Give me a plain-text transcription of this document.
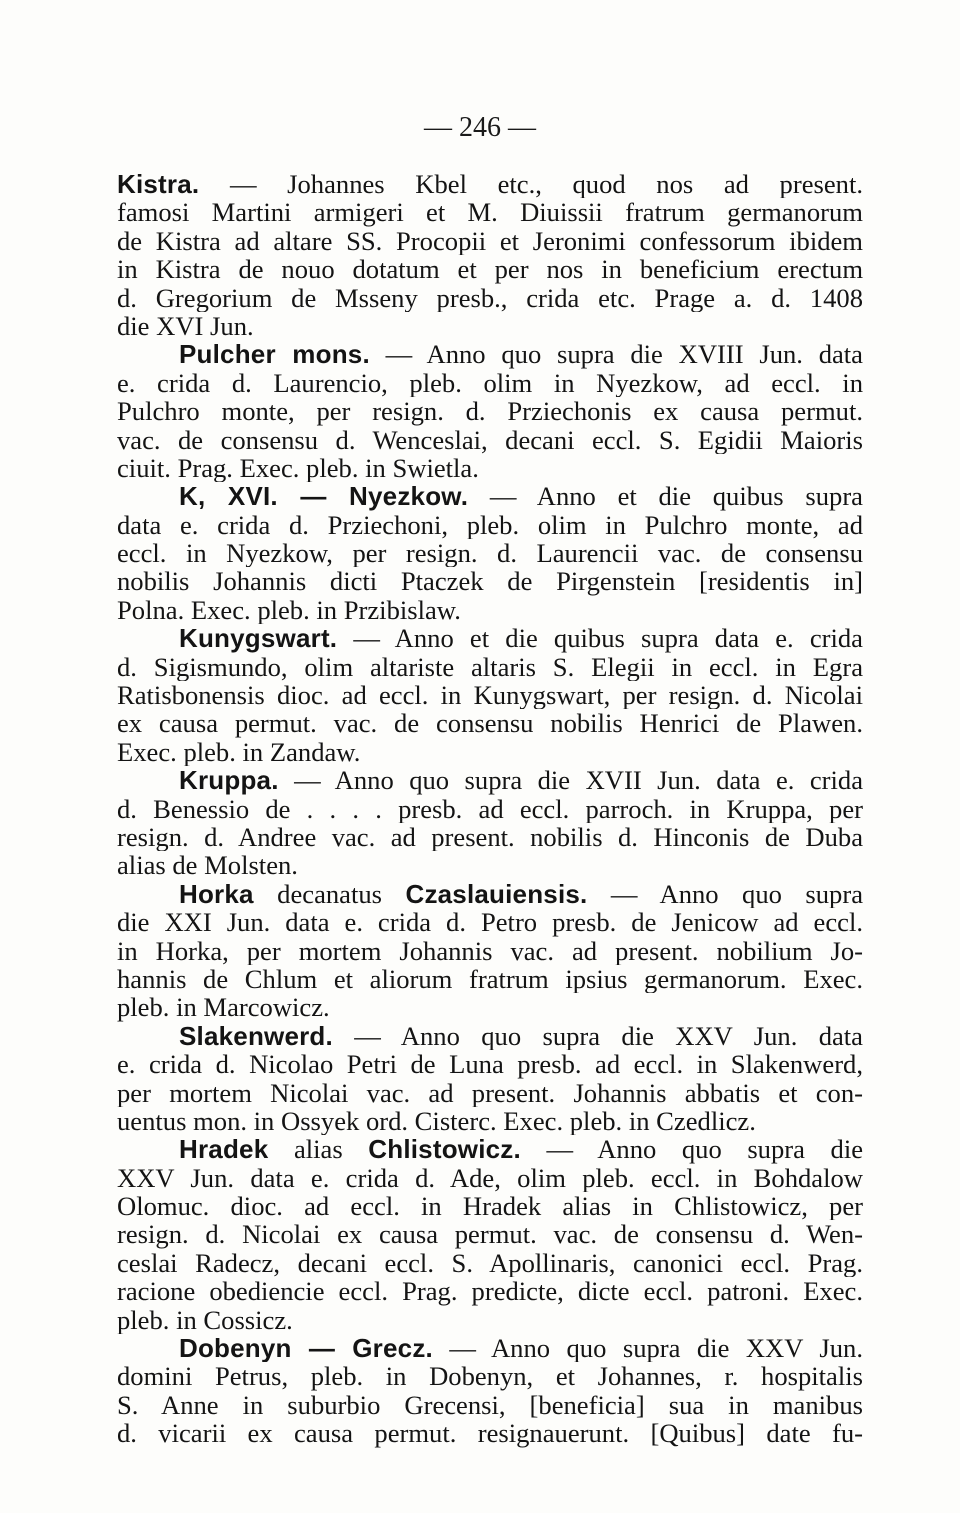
— 246 —
Kistra. — Johannes Kbel etc., quod nos ad present.
famosi Martini armigeri et M. Diuissii fratrum germanorum
de Kistra ad altare SS. Procopii et Jeronimi confessorum ibidem
in Kistra de nouo dotatum et per nos in beneficium erectum
d. Gregorium de Msseny presb., crida etc. Prage a. d. 1408
die XVI Jun.
Pulcher mons. — Anno quo supra die XVIII Jun. data
e. crida d. Laurencio, pleb. olim in Nyezkow, ad eccl. in
Pulchro monte, per resign. d. Prziechonis ex causa permut.
vac. de consensu d. Wenceslai, decani eccl. S. Egidii Maioris
ciuit. Prag. Exec. pleb. in Swietla.
K, XVI. — Nyezkow. — Anno et die quibus supra
data e. crida d. Prziechoni, pleb. olim in Pulchro monte, ad
eccl. in Nyezkow, per resign. d. Laurencii vac. de consensu
nobilis Johannis dicti Ptaczek de Pirgenstein [residentis in]
Polna. Exec. pleb. in Przibislaw.
Kunygswart. — Anno et die quibus supra data e. crida
d. Sigismundo, olim altariste altaris S. Elegii in eccl. in Egra
Ratisbonensis dioc. ad eccl. in Kunygswart, per resign. d. Nicolai
ex causa permut. vac. de consensu nobilis Henrici de Plawen.
Exec. pleb. in Zandaw.
Kruppa. — Anno quo supra die XVII Jun. data e. crida
d. Benessio de . . . . presb. ad eccl. parroch. in Kruppa, per
resign. d. Andree vac. ad present. nobilis d. Hinconis de Duba
alias de Molsten.
Horka decanatus Czaslauiensis. — Anno quo supra
die XXI Jun. data e. crida d. Petro presb. de Jenicow ad eccl.
in Horka, per mortem Johannis vac. ad present. nobilium Jo-
hannis de Chlum et aliorum fratrum ipsius germanorum. Exec.
pleb. in Marcowicz.
Slakenwerd. — Anno quo supra die XXV Jun. data
e. crida d. Nicolao Petri de Luna presb. ad eccl. in Slakenwerd,
per mortem Nicolai vac. ad present. Johannis abbatis et con-
uentus mon. in Ossyek ord. Cisterc. Exec. pleb. in Czedlicz.
Hradek alias Chlistowicz. — Anno quo supra die
XXV Jun. data e. crida d. Ade, olim pleb. eccl. in Bohdalow
Olomuc. dioc. ad eccl. in Hradek alias in Chlistowicz, per
resign. d. Nicolai ex causa permut. vac. de consensu d. Wen-
ceslai Radecz, decani eccl. S. Apollinaris, canonici eccl. Prag.
racione obediencie eccl. Prag. predicte, dicte eccl. patroni. Exec.
pleb. in Cossicz.
Dobenyn — Grecz. — Anno quo supra die XXV Jun.
domini Petrus, pleb. in Dobenyn, et Johannes, r. hospitalis
S. Anne in suburbio Grecensi, [beneficia] sua in manibus
d. vicarii ex causa permut. resignauerunt. [Quibus] date fu-
